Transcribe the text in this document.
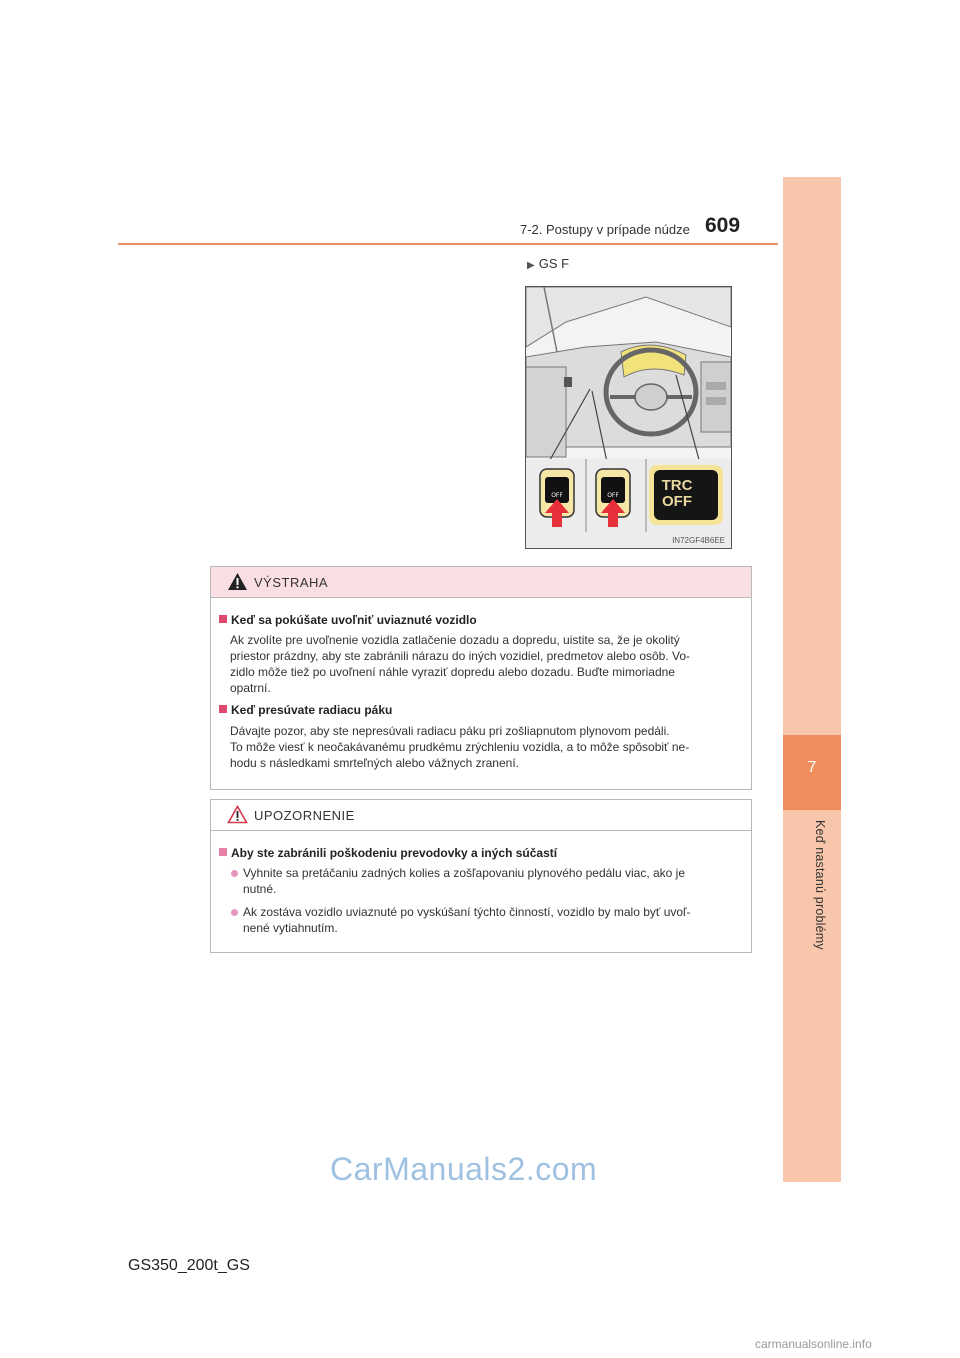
7-2. Postupy v prípade núdze 609
7
Keď nastanú problémy
▶ GS F
OFF	OFF
IN72GF4B6EE
TRC
OFF
VÝSTRAHA
Keď sa pokúšate uvoľniť uviaznuté vozidlo
Ak zvolíte pre uvoľnenie vozidla zatlačenie dozadu a dopredu, uistite sa, že je okolitý
priestor prázdny, aby ste zabránili nárazu do iných vozidiel, predmetov alebo osôb. Vo-
zidlo môže tiež po uvoľnení náhle vyraziť dopredu alebo dozadu. Buďte mimoriadne
opatrní.
Keď presúvate radiacu páku
Dávajte pozor, aby ste nepresúvali radiacu páku pri zošliapnutom plynovom pedáli.
To môže viesť k neočakávanému prudkému zrýchleniu vozidla, a to môže spôsobiť ne-
hodu s následkami smrteľných alebo vážnych zranení.
UPOZORNENIE
Aby ste zabránili poškodeniu prevodovky a iných súčastí
Vyhnite sa pretáčaniu zadných kolies a zošľapovaniu plynového pedálu viac, ako je
nutné.
Ak zostáva vozidlo uviaznuté po vyskúšaní týchto činností, vozidlo by malo byť uvoľ-
nené vytiahnutím.
CarManuals2.com
GS350_200t_GS
carmanualsonline.info
